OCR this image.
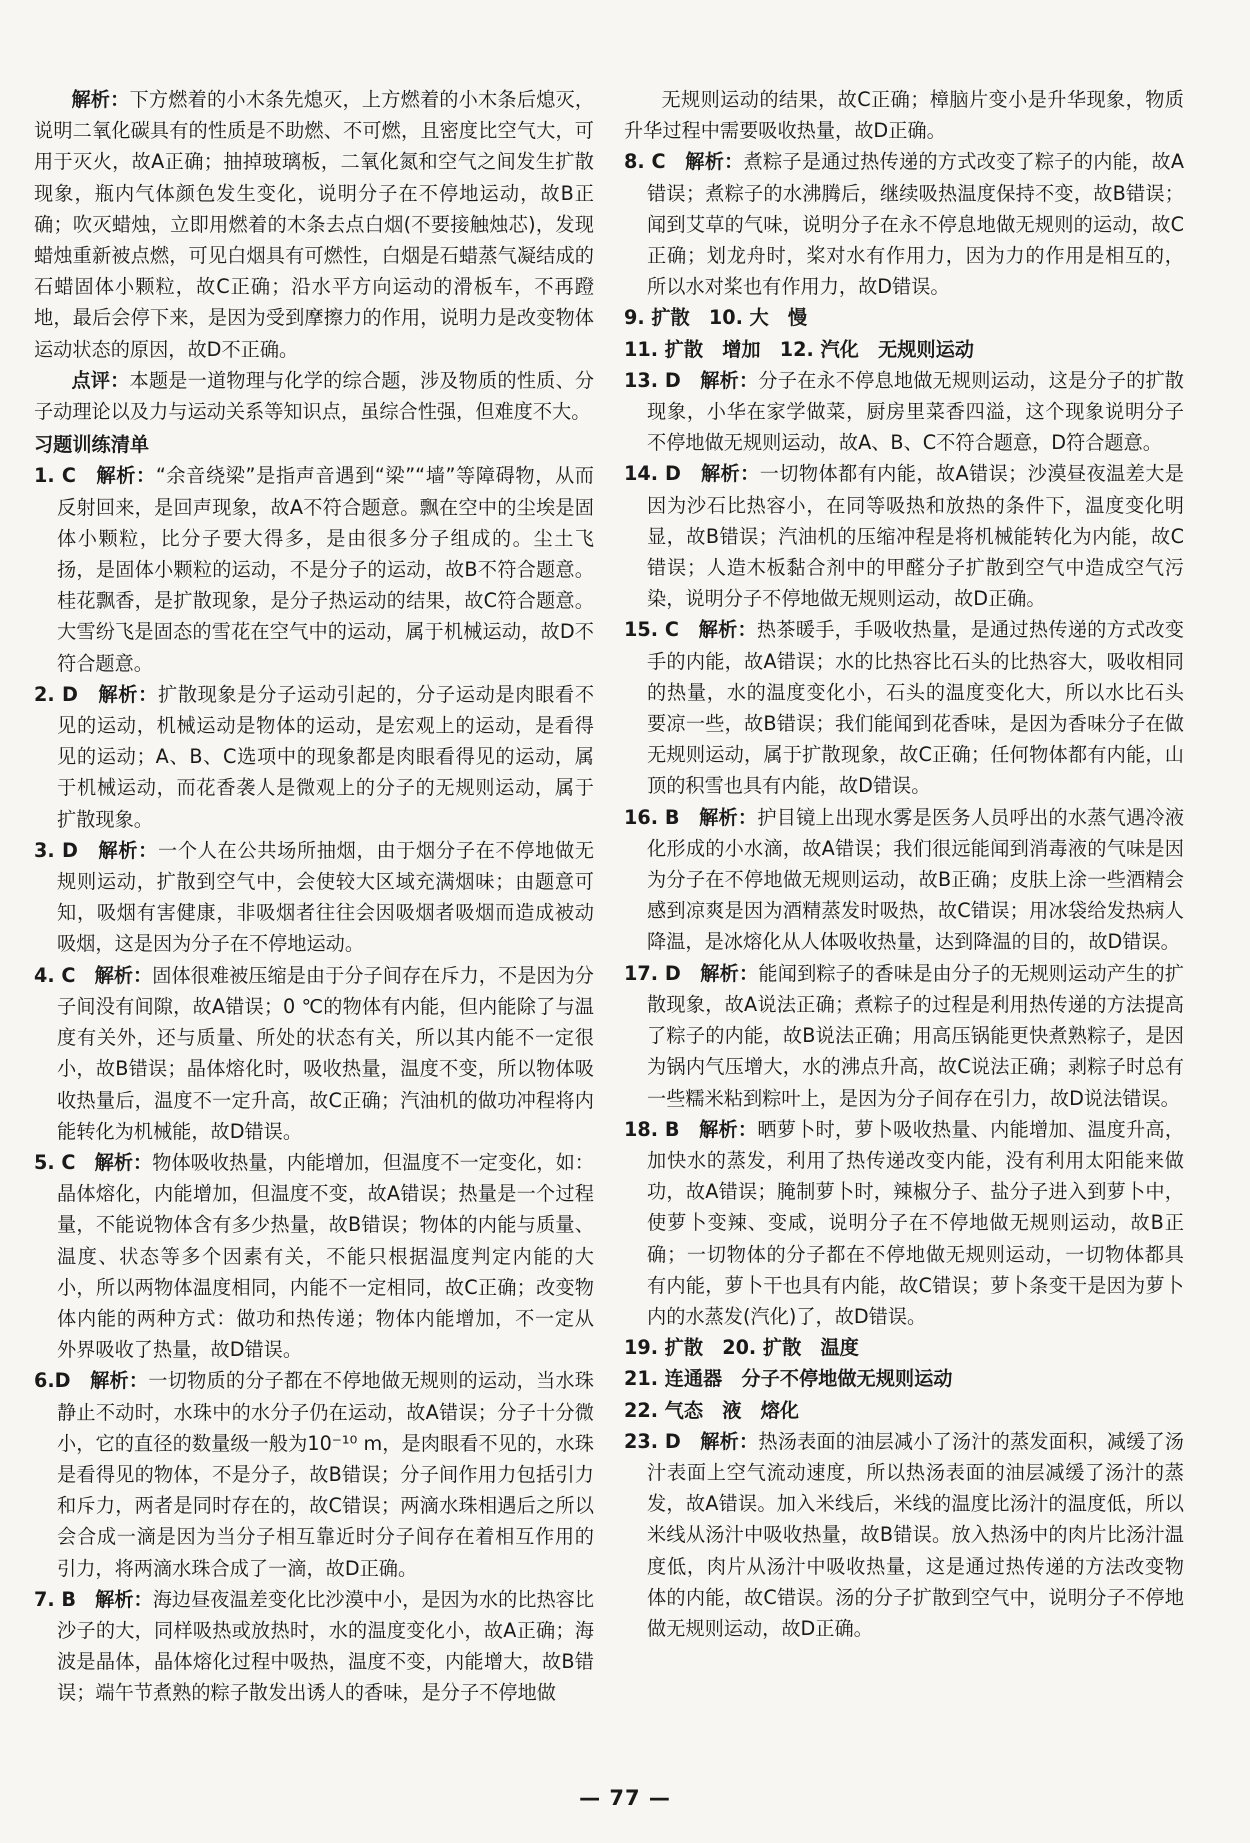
解析：下方燃着的小木条先熄灭，上方燃着的小木条后熄灭，说明二氧化碳具有的性质是不助燃、不可燃，且密度比空气大，可用于灭火，故A正确；抽掉玻璃板，二氧化氮和空气之间发生扩散现象，瓶内气体颜色发生变化，说明分子在不停地运动，故B正确；吹灭蜡烛，立即用燃着的木条去点白烟(不要接触烛芯)，发现蜡烛重新被点燃，可见白烟具有可燃性，白烟是石蜡蒸气凝结成的石蜡固体小颗粒，故C正确；沿水平方向运动的滑板车，不再蹬地，最后会停下来，是因为受到摩擦力的作用，说明力是改变物体运动状态的原因，故D不正确。

点评：本题是一道物理与化学的综合题，涉及物质的性质、分子动理论以及力与运动关系等知识点，虽综合性强，但难度不大。

习题训练清单

1. C　解析：“余音绕梁”是指声音遇到“梁”“墙”等障碍物，从而反射回来，是回声现象，故A不符合题意。飘在空中的尘埃是固体小颗粒，比分子要大得多，是由很多分子组成的。尘土飞扬，是固体小颗粒的运动，不是分子的运动，故B不符合题意。桂花飘香，是扩散现象，是分子热运动的结果，故C符合题意。大雪纷飞是固态的雪花在空气中的运动，属于机械运动，故D不符合题意。

2. D　解析：扩散现象是分子运动引起的，分子运动是肉眼看不见的运动，机械运动是物体的运动，是宏观上的运动，是看得见的运动；A、B、C选项中的现象都是肉眼看得见的运动，属于机械运动，而花香袭人是微观上的分子的无规则运动，属于扩散现象。

3. D　解析：一个人在公共场所抽烟，由于烟分子在不停地做无规则运动，扩散到空气中，会使较大区域充满烟味；由题意可知，吸烟有害健康，非吸烟者往往会因吸烟者吸烟而造成被动吸烟，这是因为分子在不停地运动。

4. C　解析：固体很难被压缩是由于分子间存在斥力，不是因为分子间没有间隙，故A错误；0 ℃的物体有内能，但内能除了与温度有关外，还与质量、所处的状态有关，所以其内能不一定很小，故B错误；晶体熔化时，吸收热量，温度不变，所以物体吸收热量后，温度不一定升高，故C正确；汽油机的做功冲程将内能转化为机械能，故D错误。

5. C　解析：物体吸收热量，内能增加，但温度不一定变化，如：晶体熔化，内能增加，但温度不变，故A错误；热量是一个过程量，不能说物体含有多少热量，故B错误；物体的内能与质量、温度、状态等多个因素有关，不能只根据温度判定内能的大小，所以两物体温度相同，内能不一定相同，故C正确；改变物体内能的两种方式：做功和热传递；物体内能增加，不一定从外界吸收了热量，故D错误。

6.D　解析：一切物质的分子都在不停地做无规则的运动，当水珠静止不动时，水珠中的水分子仍在运动，故A错误；分子十分微小，它的直径的数量级一般为10⁻¹⁰ m，是肉眼看不见的，水珠是看得见的物体，不是分子，故B错误；分子间作用力包括引力和斥力，两者是同时存在的，故C错误；两滴水珠相遇后之所以会合成一滴是因为当分子相互靠近时分子间存在着相互作用的引力，将两滴水珠合成了一滴，故D正确。

7. B　解析：海边昼夜温差变化比沙漠中小，是因为水的比热容比沙子的大，同样吸热或放热时，水的温度变化小，故A正确；海波是晶体，晶体熔化过程中吸热，温度不变，内能增大，故B错误；端午节煮熟的粽子散发出诱人的香味，是分子不停地做

无规则运动的结果，故C正确；樟脑片变小是升华现象，物质升华过程中需要吸收热量，故D正确。

8. C　解析：煮粽子是通过热传递的方式改变了粽子的内能，故A错误；煮粽子的水沸腾后，继续吸热温度保持不变，故B错误；闻到艾草的气味，说明分子在永不停息地做无规则的运动，故C正确；划龙舟时，桨对水有作用力，因为力的作用是相互的，所以水对桨也有作用力，故D错误。

9. 扩散　10. 大　慢

11. 扩散　增加　12. 汽化　无规则运动

13. D　解析：分子在永不停息地做无规则运动，这是分子的扩散现象，小华在家学做菜，厨房里菜香四溢，这个现象说明分子不停地做无规则运动，故A、B、C不符合题意，D符合题意。

14. D　解析：一切物体都有内能，故A错误；沙漠昼夜温差大是因为沙石比热容小，在同等吸热和放热的条件下，温度变化明显，故B错误；汽油机的压缩冲程是将机械能转化为内能，故C错误；人造木板黏合剂中的甲醛分子扩散到空气中造成空气污染，说明分子不停地做无规则运动，故D正确。

15. C　解析：热茶暖手，手吸收热量，是通过热传递的方式改变手的内能，故A错误；水的比热容比石头的比热容大，吸收相同的热量，水的温度变化小，石头的温度变化大，所以水比石头要凉一些，故B错误；我们能闻到花香味，是因为香味分子在做无规则运动，属于扩散现象，故C正确；任何物体都有内能，山顶的积雪也具有内能，故D错误。

16. B　解析：护目镜上出现水雾是医务人员呼出的水蒸气遇冷液化形成的小水滴，故A错误；我们很远能闻到消毒液的气味是因为分子在不停地做无规则运动，故B正确；皮肤上涂一些酒精会感到凉爽是因为酒精蒸发时吸热，故C错误；用冰袋给发热病人降温，是冰熔化从人体吸收热量，达到降温的目的，故D错误。

17. D　解析：能闻到粽子的香味是由分子的无规则运动产生的扩散现象，故A说法正确；煮粽子的过程是利用热传递的方法提高了粽子的内能，故B说法正确；用高压锅能更快煮熟粽子，是因为锅内气压增大，水的沸点升高，故C说法正确；剥粽子时总有一些糯米粘到粽叶上，是因为分子间存在引力，故D说法错误。

18. B　解析：晒萝卜时，萝卜吸收热量、内能增加、温度升高，加快水的蒸发，利用了热传递改变内能，没有利用太阳能来做功，故A错误；腌制萝卜时，辣椒分子、盐分子进入到萝卜中，使萝卜变辣、变咸，说明分子在不停地做无规则运动，故B正确；一切物体的分子都在不停地做无规则运动，一切物体都具有内能，萝卜干也具有内能，故C错误；萝卜条变干是因为萝卜内的水蒸发(汽化)了，故D错误。

19. 扩散　20. 扩散　温度

21. 连通器　分子不停地做无规则运动

22. 气态　液　熔化

23. D　解析：热汤表面的油层减小了汤汁的蒸发面积，减缓了汤汁表面上空气流动速度，所以热汤表面的油层减缓了汤汁的蒸发，故A错误。加入米线后，米线的温度比汤汁的温度低，所以米线从汤汁中吸收热量，故B错误。放入热汤中的肉片比汤汁温度低，肉片从汤汁中吸收热量，这是通过热传递的方法改变物体的内能，故C错误。汤的分子扩散到空气中，说明分子不停地做无规则运动，故D正确。

— 77 —
